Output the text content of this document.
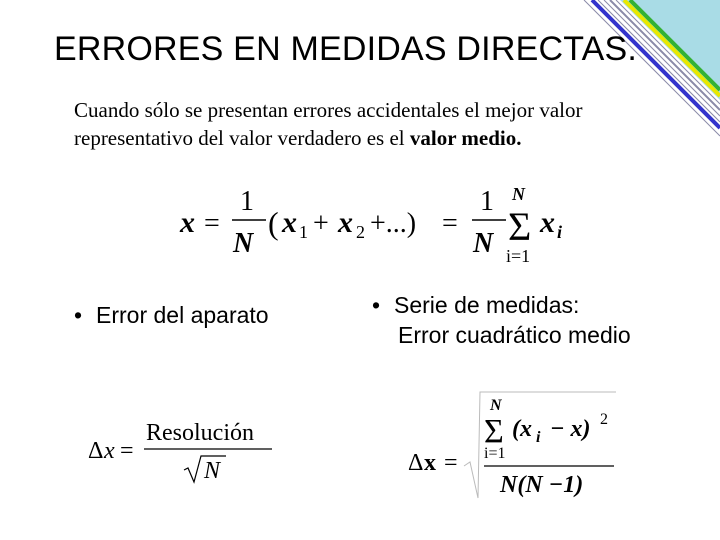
ERRORES EN MEDIDAS DIRECTAS.
Cuando sólo se presentan errores accidentales el mejor valor representativo del valor verdadero es el valor medio.
x =
1
N
( x 1 + x 2 +...) =
1
N
N
Σ
i=1
x i
• Error del aparato	• Serie de medidas:
Error cuadrático medio
Δ x =
Resolución
N	Δ x =
N
Σ
i=1
(x i − x) 2
N(N −1)
